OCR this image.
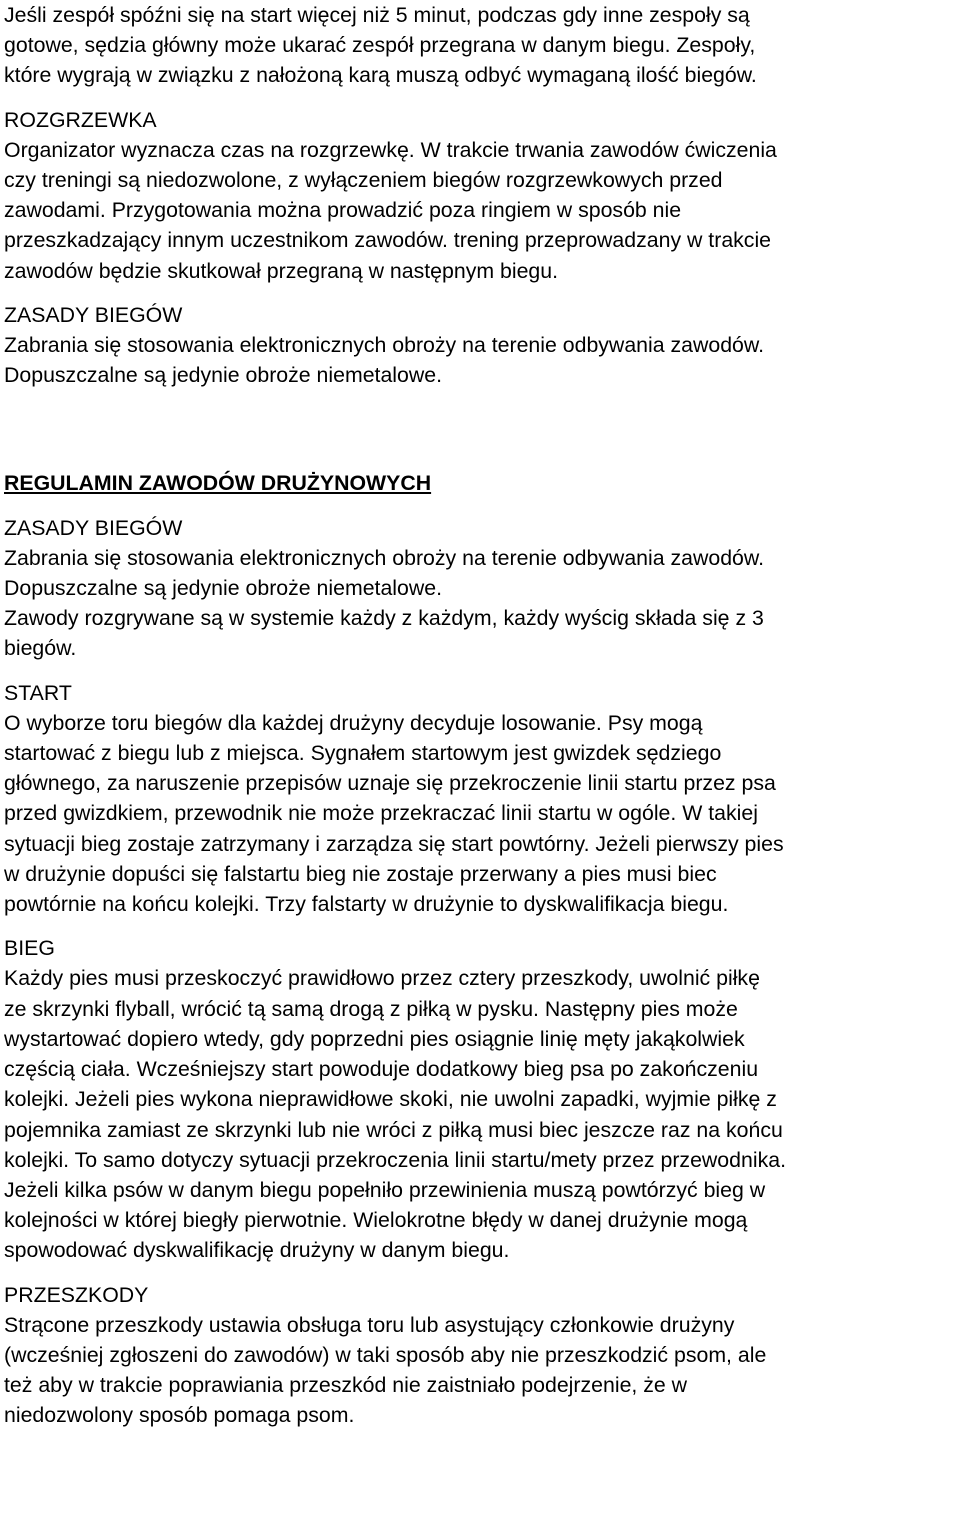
Jeśli zespół spóźni się na start więcej niż 5 minut, podczas gdy inne zespoły są
gotowe, sędzia główny może ukarać zespół przegrana w danym biegu. Zespoły,
które wygrają w związku z nałożoną karą muszą odbyć wymaganą ilość biegów.

ROZGRZEWKA

Organizator wyznacza czas na rozgrzewkę. W trakcie trwania zawodów ćwiczenia
czy treningi są niedozwolone, z wyłączeniem biegów rozgrzewkowych przed
zawodami. Przygotowania można prowadzić poza ringiem w sposób nie
przeszkadzający innym uczestnikom zawodów. trening przeprowadzany w trakcie
zawodów będzie skutkował przegraną w następnym biegu.

ZASADY BIEGÓW

Zabrania się stosowania elektronicznych obroży na terenie odbywania zawodów.
Dopuszczalne są jedynie obroże niemetalowe.

REGULAMIN ZAWODÓW DRUŻYNOWYCH
ZASADY BIEGÓW

Zabrania się stosowania elektronicznych obroży na terenie odbywania zawodów.
Dopuszczalne są jedynie obroże niemetalowe.
Zawody rozgrywane są w systemie każdy z każdym, każdy wyścig składa się z 3
biegów.

START

O wyborze toru biegów dla każdej drużyny decyduje losowanie. Psy mogą
startować z biegu lub z miejsca. Sygnałem startowym jest gwizdek sędziego
głównego, za naruszenie przepisów uznaje się przekroczenie linii startu przez psa
przed gwizdkiem, przewodnik nie może przekraczać linii startu w ogóle. W takiej
sytuacji bieg zostaje zatrzymany i zarządza się start powtórny. Jeżeli pierwszy pies
w drużynie dopuści się falstartu bieg nie zostaje przerwany a pies musi biec
powtórnie na końcu kolejki. Trzy falstarty w drużynie to dyskwalifikacja biegu.

BIEG

Każdy pies musi przeskoczyć prawidłowo przez cztery przeszkody, uwolnić piłkę
ze skrzynki flyball, wrócić tą samą drogą z piłką w pysku. Następny pies może
wystartować dopiero wtedy, gdy poprzedni pies osiągnie linię męty jakąkolwiek
częścią ciała. Wcześniejszy start powoduje dodatkowy bieg psa po zakończeniu
kolejki. Jeżeli pies wykona nieprawidłowe skoki, nie uwolni zapadki, wyjmie piłkę z
pojemnika zamiast ze skrzynki lub nie wróci z piłką musi biec jeszcze raz na końcu
kolejki. To samo dotyczy sytuacji przekroczenia linii startu/mety przez przewodnika.
Jeżeli kilka psów w danym biegu popełniło przewinienia muszą powtórzyć bieg w
kolejności w której biegły pierwotnie. Wielokrotne błędy w danej drużynie mogą
spowodować dyskwalifikację drużyny w danym biegu.

PRZESZKODY

Strącone przeszkody ustawia obsługa toru lub asystujący członkowie drużyny
(wcześniej zgłoszeni do zawodów) w taki sposób aby nie przeszkodzić psom, ale
też aby w trakcie poprawiania przeszkód nie zaistniało podejrzenie, że w
niedozwolony sposób pomaga psom.
